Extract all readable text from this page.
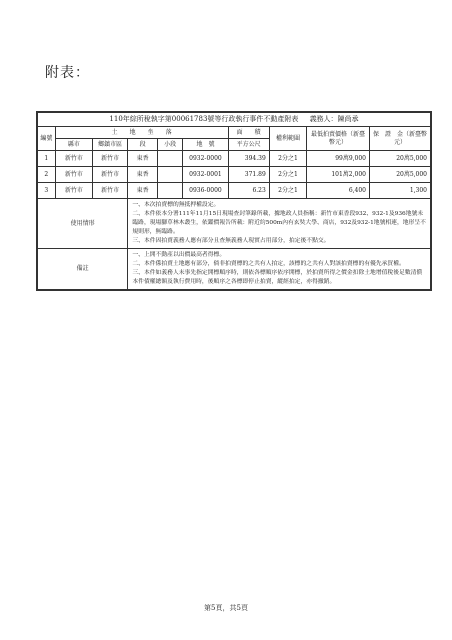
附表：
110年綜所稅執字第00061783號等行政執行事件不動產附表 義務人：陳尚承									
編號	土　　地　　坐　　落					面　　積	權利範圍	最低拍賣價格（新臺幣元）	保　證　金（新臺幣元）
	縣市	鄉鎮市區	段	小段	地　號	平方公尺			
1	新竹市	新竹市	東香		0932-0000	394.39	2分之1	99萬9,000	20萬5,000
2	新竹市	新竹市	東香		0932-0001	371.89	2分之1	101萬2,000	20萬5,000
3	新竹市	新竹市	東香		0936-0000	6.23	2分之1	6,400	1,300
使用情形			一、本次拍賣標的無抵押權設定。
二、本件依本分署111年11月15日現場查封筆錄所載，據地政人員指稱：新竹市東香段932、932-1及936地號未臨路，現場腳草林木叢生，依鑑價報告所載：附近約500m內有玄奘大學、商店，932及932-1地號相連，地形呈不規則形，無臨路。
三、本件因拍賣義務人應有部分且查無義務人現實占用部分，拍定後不點交。						

備註			一、上開不動產以出價最高者得標。
二、本件係拍賣土地應有部分，倘非拍賣標的之共有人拍定，該標的之共有人對該拍賣標的有優先承買權。
三、本件如義務人未事先指定開標順序時，則依各標順序依序開標，於拍賣所得之價金扣除土地增值稅後足數清償本件債權總額及執行費用時，後順序之各標即停止拍賣，縱經拍定，亦得撤銷。						
第5頁，共5頁
